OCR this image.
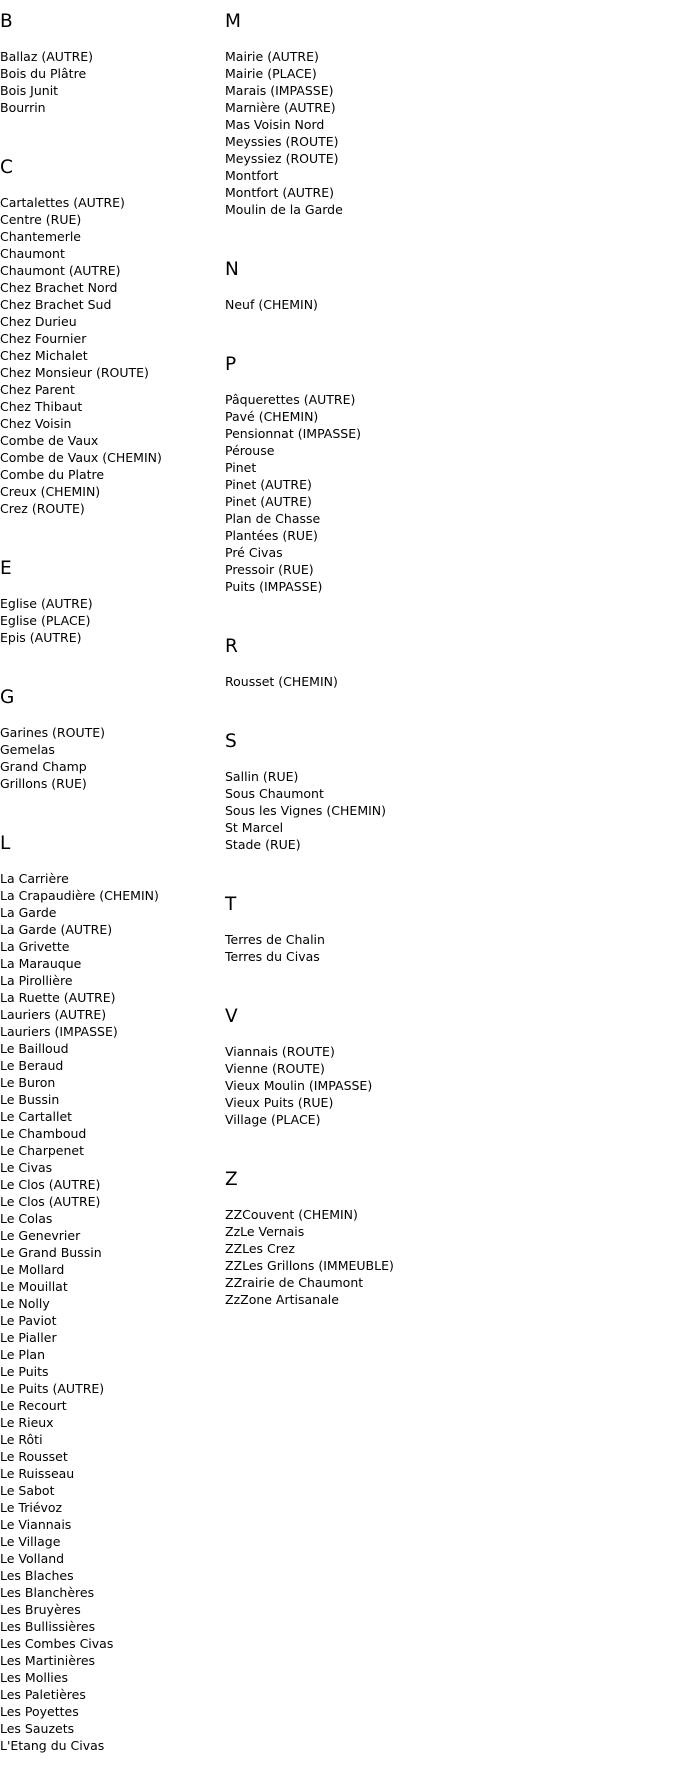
B
Ballaz (AUTRE)
Bois du Plâtre
Bois Junit
Bourrin
C
Cartalettes (AUTRE)
Centre (RUE)
Chantemerle
Chaumont
Chaumont (AUTRE)
Chez Brachet Nord
Chez Brachet Sud
Chez Durieu
Chez Fournier
Chez Michalet
Chez Monsieur (ROUTE)
Chez Parent
Chez Thibaut
Chez Voisin
Combe de Vaux
Combe de Vaux (CHEMIN)
Combe du Platre
Creux (CHEMIN)
Crez (ROUTE)
E
Eglise (AUTRE)
Eglise (PLACE)
Epis (AUTRE)
G
Garines (ROUTE)
Gemelas
Grand Champ
Grillons (RUE)
L
La Carrière
La Crapaudière (CHEMIN)
La Garde
La Garde (AUTRE)
La Grivette
La Marauque
La Pirollière
La Ruette (AUTRE)
Lauriers (AUTRE)
Lauriers (IMPASSE)
Le Bailloud
Le Beraud
Le Buron
Le Bussin
Le Cartallet
Le Chamboud
Le Charpenet
Le Civas
Le Clos (AUTRE)
Le Clos (AUTRE)
Le Colas
Le Genevrier
Le Grand Bussin
Le Mollard
Le Mouillat
Le Nolly
Le Paviot
Le Pialler
Le Plan
Le Puits
Le Puits (AUTRE)
Le Recourt
Le Rieux
Le Rôti
Le Rousset
Le Ruisseau
Le Sabot
Le Triévoz
Le Viannais
Le Village
Le Volland
Les Blaches
Les Blanchères
Les Bruyères
Les Bullissières
Les Combes Civas
Les Martinières
Les Mollies
Les Paletières
Les Poyettes
Les Sauzets
L'Etang du Civas
M
Mairie (AUTRE)
Mairie (PLACE)
Marais (IMPASSE)
Marnière (AUTRE)
Mas Voisin Nord
Meyssies (ROUTE)
Meyssiez (ROUTE)
Montfort
Montfort (AUTRE)
Moulin de la Garde
N
Neuf (CHEMIN)
P
Pâquerettes (AUTRE)
Pavé (CHEMIN)
Pensionnat (IMPASSE)
Pérouse
Pinet
Pinet (AUTRE)
Pinet (AUTRE)
Plan de Chasse
Plantées (RUE)
Pré Civas
Pressoir (RUE)
Puits (IMPASSE)
R
Rousset (CHEMIN)
S
Sallin (RUE)
Sous Chaumont
Sous les Vignes (CHEMIN)
St Marcel
Stade (RUE)
T
Terres de Chalin
Terres du Civas
V
Viannais (ROUTE)
Vienne (ROUTE)
Vieux Moulin (IMPASSE)
Vieux Puits (RUE)
Village (PLACE)
Z
ZZCouvent (CHEMIN)
ZzLe Vernais
ZZLes Crez
ZZLes Grillons (IMMEUBLE)
ZZrairie de Chaumont
ZzZone Artisanale
